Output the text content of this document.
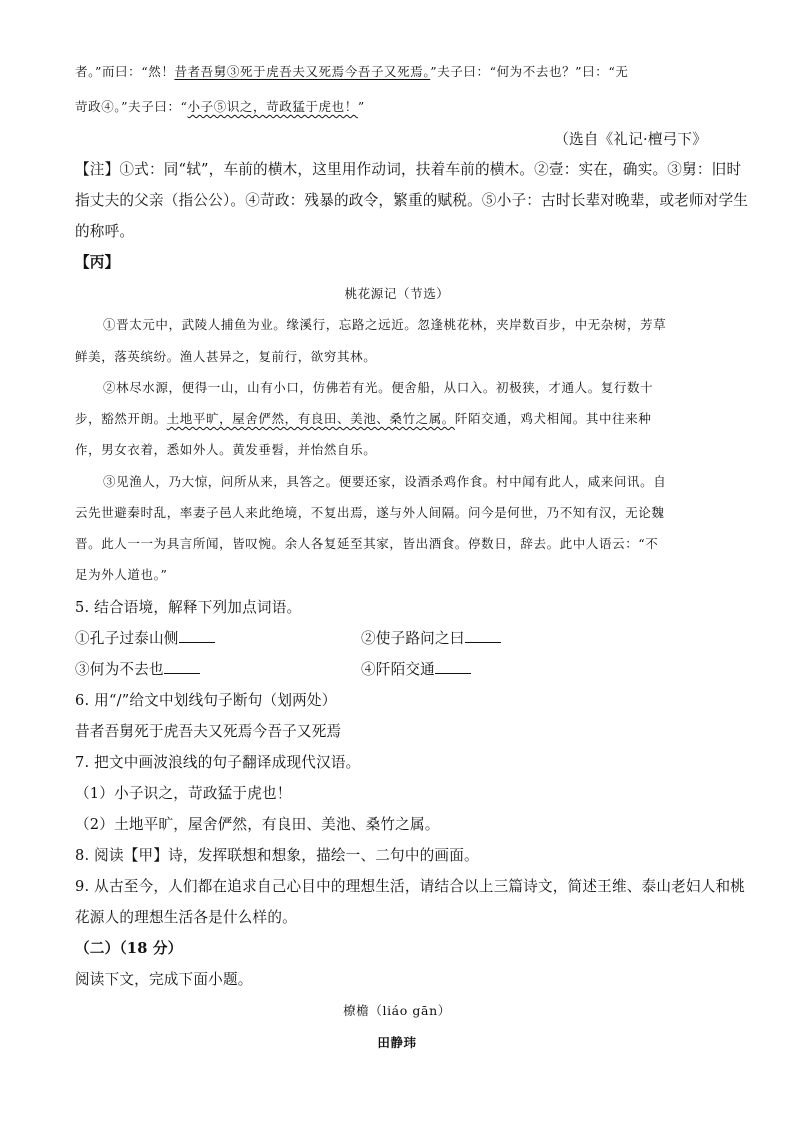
者。”而曰：“然！昔者吾舅③死于虎吾夫又死焉今吾子又死焉。”夫子曰：“何为不去也？”曰：“无
苛政④。”夫子曰：“小子⑤识之，苛政猛于虎也！”
（选自《礼记·檀弓下》
【注】①式：同“轼”，车前的横木，这里用作动词，扶着车前的横木。②壹：实在，确实。③舅：旧时
指丈夫的父亲（指公公）。④苛政：残暴的政令，繁重的赋税。⑤小子：古时长辈对晚辈，或老师对学生
的称呼。
【丙】
桃花源记（节选）
①晋太元中，武陵人捕鱼为业。缘溪行，忘路之远近。忽逢桃花林，夹岸数百步，中无杂树，芳草
鲜美，落英缤纷。渔人甚异之，复前行，欲穷其林。
②林尽水源，便得一山，山有小口，仿佛若有光。便舍船，从口入。初极狭，才通人。复行数十
步，豁然开朗。土地平旷，屋舍俨然，有良田、美池、桑竹之属。阡陌交通，鸡犬相闻。其中往来种
作，男女衣着，悉如外人。黄发垂髫，并怡然自乐。
③见渔人，乃大惊，问所从来，具答之。便要还家，设酒杀鸡作食。村中闻有此人，咸来问讯。自
云先世避秦时乱，率妻子邑人来此绝境，不复出焉，遂与外人间隔。问今是何世，乃不知有汉，无论魏
晋。此人一一为具言所闻，皆叹惋。余人各复延至其家，皆出酒食。停数日，辞去。此中人语云：“不
足为外人道也。”
5. 结合语境，解释下列加点词语。
①孔子过泰山侧	②使子路问之曰
③何为不去也	④阡陌交通
6. 用“/”给文中划线句子断句（划两处）
昔者吾舅死于虎吾夫又死焉今吾子又死焉
7. 把文中画波浪线的句子翻译成现代汉语。
（1）小子识之，苛政猛于虎也！
（2）土地平旷，屋舍俨然，有良田、美池、桑竹之属。
8. 阅读【甲】诗，发挥联想和想象，描绘一、二句中的画面。
9. 从古至今，人们都在追求自己心目中的理想生活，请结合以上三篇诗文，简述王维、泰山老妇人和桃
花源人的理想生活各是什么样的。
（二）（18 分）
阅读下文，完成下面小题。
橑檐（liáo gān）
田静玮
